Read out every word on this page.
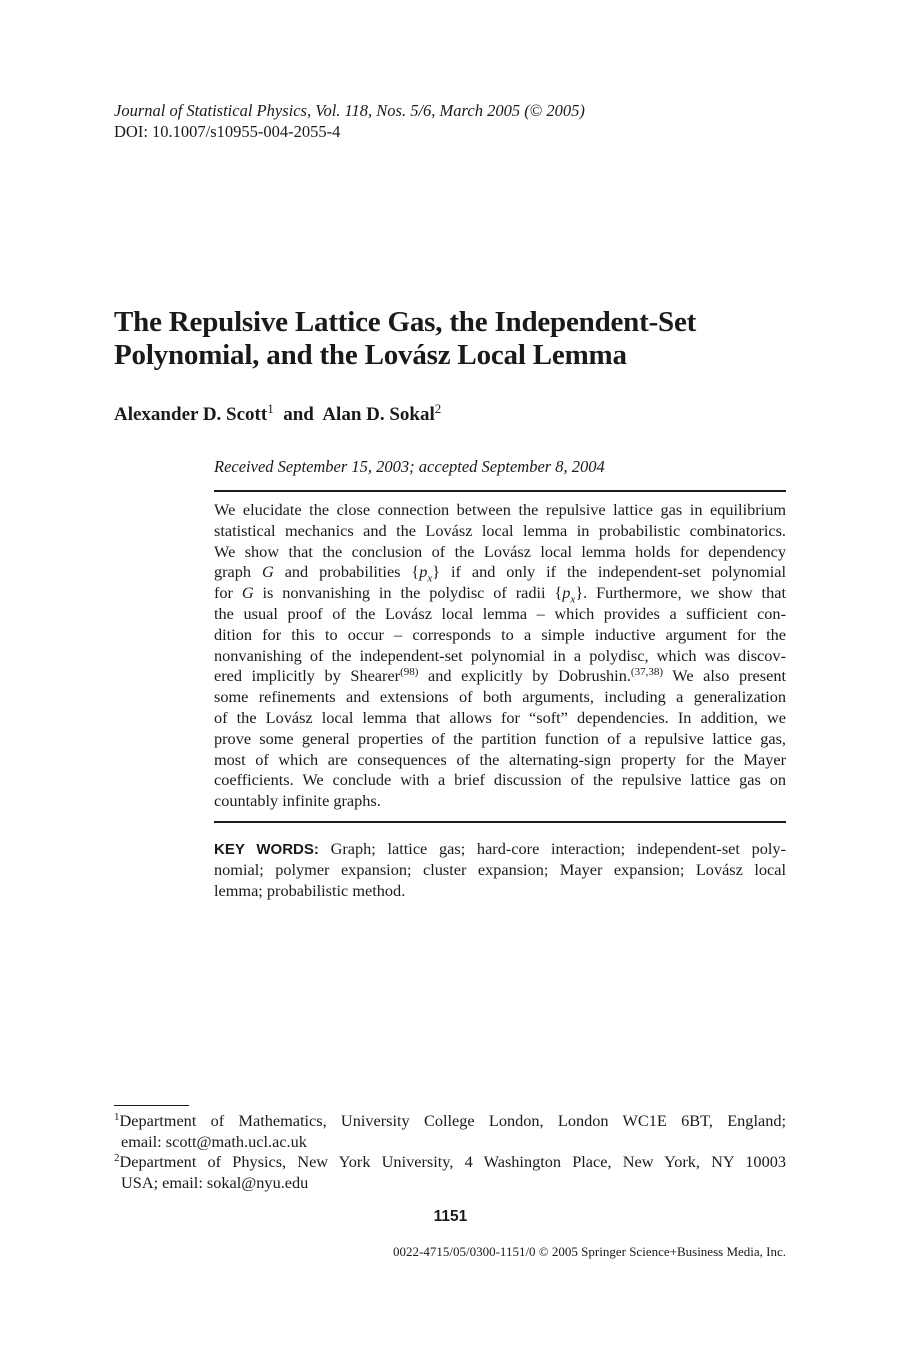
Journal of Statistical Physics, Vol. 118, Nos. 5/6, March 2005 (© 2005)
DOI: 10.1007/s10955-004-2055-4
The Repulsive Lattice Gas, the Independent-Set
Polynomial, and the Lovász Local Lemma
Alexander D. Scott$^1$ and Alan D. Sokal$^2$
Received September 15, 2003; accepted September 8, 2004
We elucidate the close connection between the repulsive lattice gas in equilibrium
statistical mechanics and the Lovász local lemma in probabilistic combinatorics.
We show that the conclusion of the Lovász local lemma holds for dependency
graph G and probabilities $\{p_x\}$ if and only if the independent-set polynomial
for G is nonvanishing in the polydisc of radii $\{p_x\}$. Furthermore, we show that
the usual proof of the Lovász local lemma – which provides a sufficient con-
dition for this to occur – corresponds to a simple inductive argument for the
nonvanishing of the independent-set polynomial in a polydisc, which was discov-
ered implicitly by Shearer$^{(98)}$ and explicitly by Dobrushin.$^{(37,38)}$ We also present
some refinements and extensions of both arguments, including a generalization
of the Lovász local lemma that allows for “soft” dependencies. In addition, we
prove some general properties of the partition function of a repulsive lattice gas,
most of which are consequences of the alternating-sign property for the Mayer
coefficients. We conclude with a brief discussion of the repulsive lattice gas on
countably infinite graphs.
KEY WORDS: Graph; lattice gas; hard-core interaction; independent-set poly-
nomial; polymer expansion; cluster expansion; Mayer expansion; Lovász local
lemma; probabilistic method.
$^1$Department of Mathematics, University College London, London WC1E 6BT, England;
email: scott@math.ucl.ac.uk
$^2$Department of Physics, New York University, 4 Washington Place, New York, NY 10003
USA; email: sokal@nyu.edu
1151
0022-4715/05/0300-1151/0 © 2005 Springer Science+Business Media, Inc.
